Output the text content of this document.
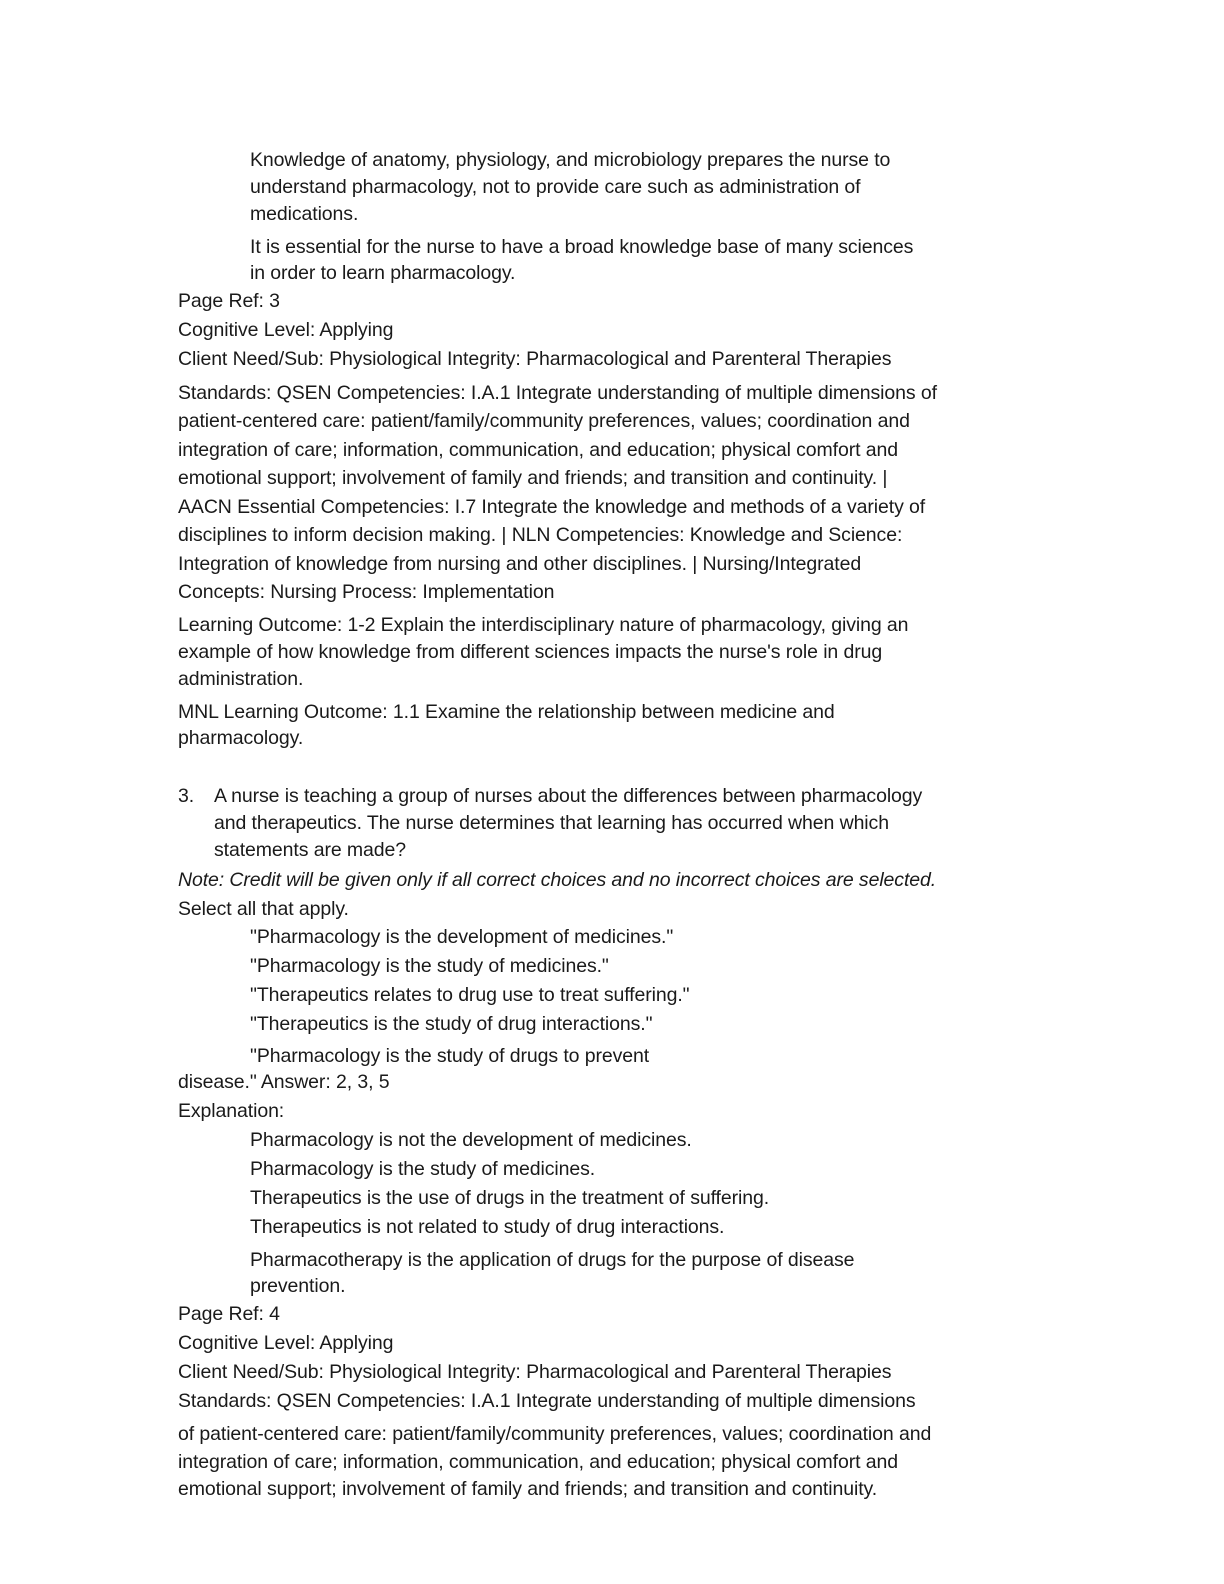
Knowledge of anatomy, physiology, and microbiology prepares the nurse to
understand pharmacology, not to provide care such as administration of
medications.
It is essential for the nurse to have a broad knowledge base of many sciences
in order to learn pharmacology.
Page Ref: 3
Cognitive Level: Applying
Client Need/Sub: Physiological Integrity: Pharmacological and Parenteral Therapies
Standards: QSEN Competencies: I.A.1 Integrate understanding of multiple dimensions of
patient-centered care: patient/family/community preferences, values; coordination and
integration of care; information, communication, and education; physical comfort and
emotional support; involvement of family and friends; and transition and continuity. |
AACN Essential Competencies: I.7 Integrate the knowledge and methods of a variety of
disciplines to inform decision making. | NLN Competencies: Knowledge and Science:
Integration of knowledge from nursing and other disciplines. | Nursing/Integrated
Concepts: Nursing Process: Implementation
Learning Outcome: 1-2 Explain the interdisciplinary nature of pharmacology, giving an
example of how knowledge from different sciences impacts the nurse's role in drug
administration.
MNL Learning Outcome: 1.1 Examine the relationship between medicine and
pharmacology.
3. A nurse is teaching a group of nurses about the differences between pharmacology
and therapeutics. The nurse determines that learning has occurred when which
statements are made?
Note: Credit will be given only if all correct choices and no incorrect choices are selected.
Select all that apply.
"Pharmacology is the development of medicines."
"Pharmacology is the study of medicines."
"Therapeutics relates to drug use to treat suffering."
"Therapeutics is the study of drug interactions."
"Pharmacology is the study of drugs to prevent
disease." Answer: 2, 3, 5
Explanation:
Pharmacology is not the development of medicines.
Pharmacology is the study of medicines.
Therapeutics is the use of drugs in the treatment of suffering.
Therapeutics is not related to study of drug interactions.
Pharmacotherapy is the application of drugs for the purpose of disease
prevention.
Page Ref: 4
Cognitive Level: Applying
Client Need/Sub: Physiological Integrity: Pharmacological and Parenteral Therapies
Standards: QSEN Competencies: I.A.1 Integrate understanding of multiple dimensions
of patient-centered care: patient/family/community preferences, values; coordination and
integration of care; information, communication, and education; physical comfort and
emotional support; involvement of family and friends; and transition and continuity.
